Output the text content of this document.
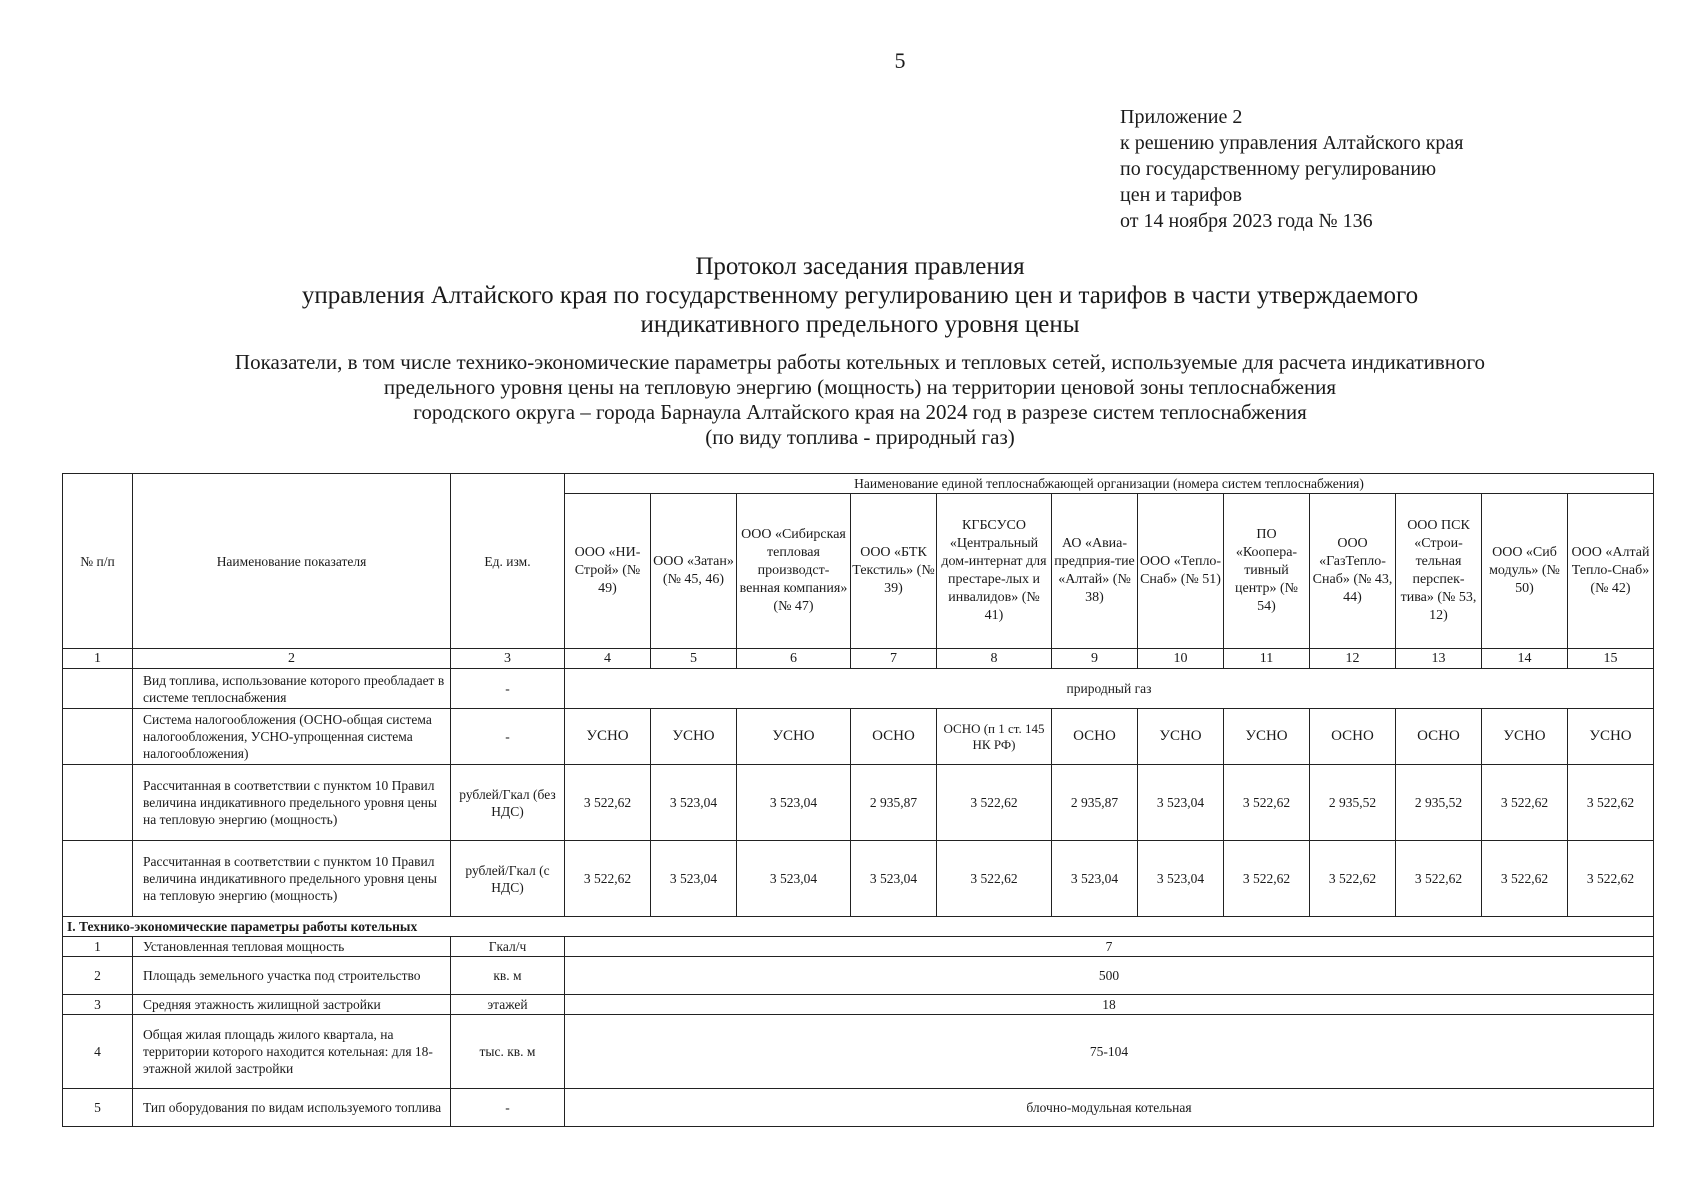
5
Приложение 2
к решению управления Алтайского края
по государственному регулированию
цен и тарифов
от 14 ноября 2023 года № 136
Протокол заседания правления
управления Алтайского края по государственному регулированию цен и тарифов в части утверждаемого
индикативного предельного уровня цены
Показатели, в том числе технико-экономические параметры работы котельных и тепловых сетей, используемые для расчета индикативного
предельного уровня цены на тепловую энергию (мощность) на территории ценовой зоны теплоснабжения
городского округа – города Барнаула Алтайского края на 2024 год в разрезе систем теплоснабжения
(по виду топлива - природный газ)
№ п/п	Наименование показателя	Ед. изм.	Наименование единой теплоснабжающей организации (номера систем теплоснабжения)											
			ООО «НИ-Строй» (№ 49)	ООО «Затан» (№ 45, 46)	ООО «Сибирская тепловая производст-венная компания» (№ 47)	ООО «БТК Текстиль» (№ 39)	КГБСУСО «Центральный дом-интернат для престаре-лых и инвалидов» (№ 41)	АО «Авиа-предприя-тие «Алтай» (№ 38)	ООО «Тепло-Снаб» (№ 51)	ПО «Коопера-тивный центр» (№ 54)	ООО «ГазТепло-Снаб» (№ 43, 44)	ООО ПСК «Строи-тельная перспек-тива» (№ 53, 12)	ООО «Сиб модуль» (№ 50)	ООО «Алтай Тепло-Снаб» (№ 42)
1	2	3	4	5	6	7	8	9	10	11	12	13	14	15
	Вид топлива, использование которого преобладает в системе теплоснабжения	-	природный газ											
	Система налогообложения (ОСНО-общая система налогообложения, УСНО-упрощенная система налогообложения)	-	УСНО	УСНО	УСНО	ОСНО	ОСНО (п 1 ст. 145 НК РФ)	ОСНО	УСНО	УСНО	ОСНО	ОСНО	УСНО	УСНО
	Рассчитанная в соответствии с пунктом 10 Правил величина индикативного предельного уровня цены на тепловую энергию (мощность)	рублей/Гкал (без НДС)	3 522,62	3 523,04	3 523,04	2 935,87	3 522,62	2 935,87	3 523,04	3 522,62	2 935,52	2 935,52	3 522,62	3 522,62
	Рассчитанная в соответствии с пунктом 10 Правил величина индикативного предельного уровня цены на тепловую энергию (мощность)	рублей/Гкал (с НДС)	3 522,62	3 523,04	3 523,04	3 523,04	3 522,62	3 523,04	3 523,04	3 522,62	3 522,62	3 522,62	3 522,62	3 522,62
I. Технико-экономические параметры работы котельных														
1	Установленная тепловая мощность	Гкал/ч	7											
2	Площадь земельного участка под строительство	кв. м	500											
3	Средняя этажность жилищной застройки	этажей	18											
4	Общая жилая площадь жилого квартала, на территории которого находится котельная: для 18-этажной жилой застройки	тыс. кв. м	75-104											
5	Тип оборудования по видам используемого топлива	-	блочно-модульная котельная											
